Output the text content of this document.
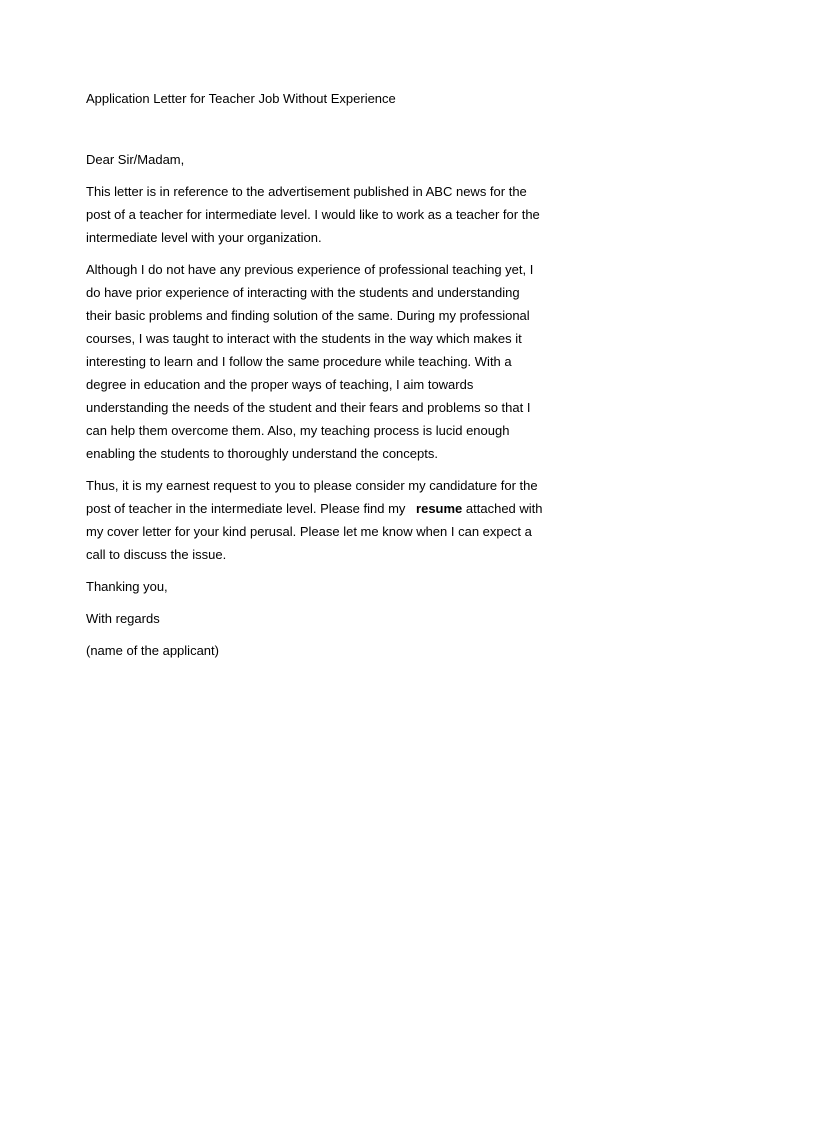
Application Letter for Teacher Job Without Experience

Dear Sir/Madam,

This letter is in reference to the advertisement published in ABC news for the
post of a teacher for intermediate level. I would like to work as a teacher for the
intermediate level with your organization.
Although I do not have any previous experience of professional teaching yet, I
do have prior experience of interacting with the students and understanding
their basic problems and finding solution of the same. During my professional
courses, I was taught to interact with the students in the way which makes it
interesting to learn and I follow the same procedure while teaching. With a
degree in education and the proper ways of teaching, I aim towards
understanding the needs of the student and their fears and problems so that I
can help them overcome them. Also, my teaching process is lucid enough
enabling the students to thoroughly understand the concepts.
Thus, it is my earnest request to you to please consider my candidature for the
post of teacher in the intermediate level. Please find my resume attached with
my cover letter for your kind perusal. Please let me know when I can expect a
call to discuss the issue.

Thanking you,

With regards

(name of the applicant)
